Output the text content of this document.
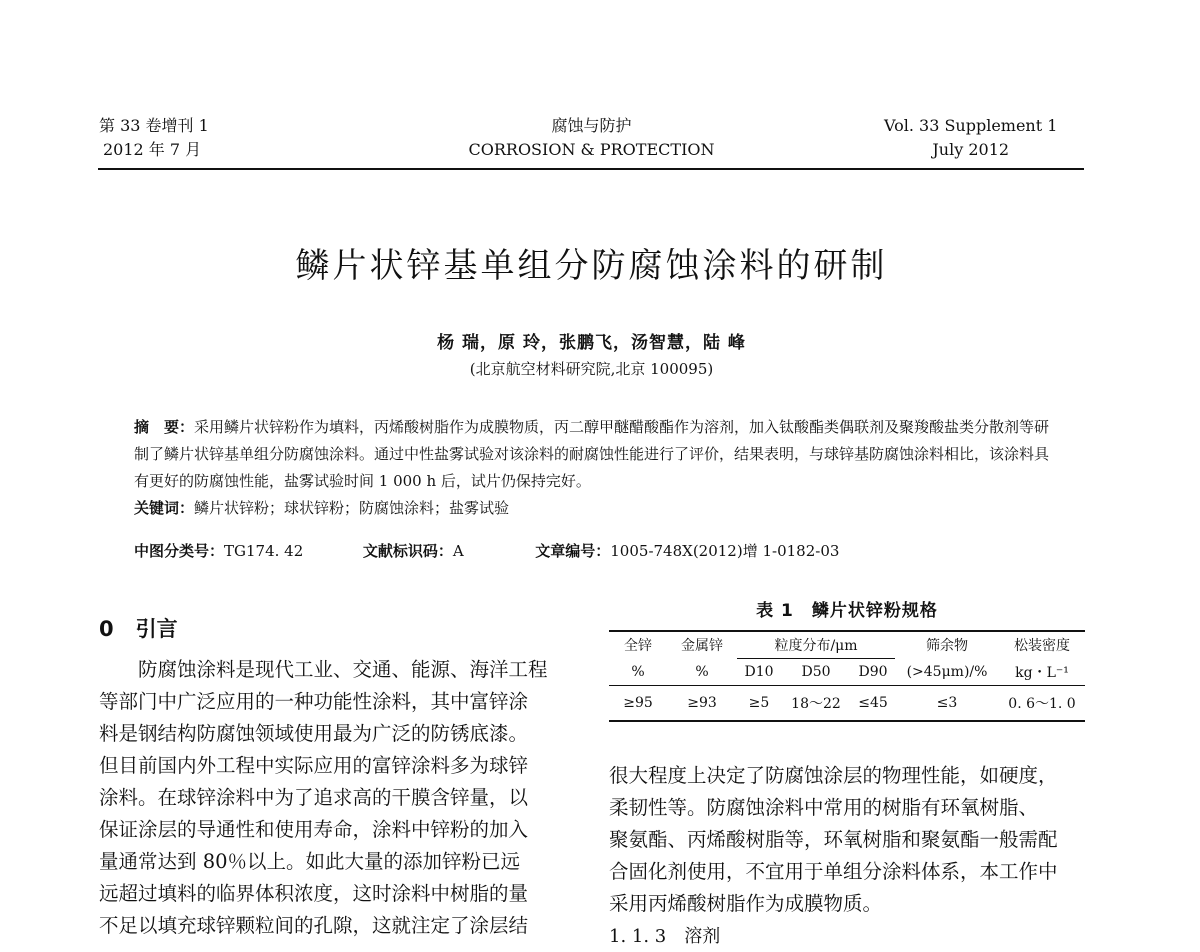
第 33 卷增刊 1
2012 年 7 月
腐蚀与防护
CORROSION & PROTECTION
Vol. 33 Supplement 1
July 2012
鳞片状锌基单组分防腐蚀涂料的研制
杨 瑞，原 玲，张鹏飞，汤智慧，陆 峰
(北京航空材料研究院,北京 100095)
摘　要：采用鳞片状锌粉作为填料，丙烯酸树脂作为成膜物质，丙二醇甲醚醋酸酯作为溶剂，加入钛酸酯类偶联剂及聚羧酸盐类分散剂等研制了鳞片状锌基单组分防腐蚀涂料。通过中性盐雾试验对该涂料的耐腐蚀性能进行了评价，结果表明，与球锌基防腐蚀涂料相比，该涂料具有更好的防腐蚀性能，盐雾试验时间 1 000 h 后，试片仍保持完好。
关键词：鳞片状锌粉；球状锌粉；防腐蚀涂料；盐雾试验
中图分类号：TG174. 42	文献标识码：A	文章编号：1005-748X(2012)增 1-0182-03
0 引言
　　防腐蚀涂料是现代工业、交通、能源、海洋工程
等部门中广泛应用的一种功能性涂料，其中富锌涂
料是钢结构防腐蚀领域使用最为广泛的防锈底漆。
但目前国内外工程中实际应用的富锌涂料多为球锌
涂料。在球锌涂料中为了追求高的干膜含锌量，以
保证涂层的导通性和使用寿命，涂料中锌粉的加入
量通常达到 80％以上。如此大量的添加锌粉已远
远超过填料的临界体积浓度，这时涂料中树脂的量
不足以填充球锌颗粒间的孔隙，这就注定了涂层结
表 1　鳞片状锌粉规格
全锌	金属锌	粒度分布/μm			筛余物	松装密度
%	%	D10	D50	D90	(>45μm)/%	kg・L⁻¹
≥95	≥93	≥5	18～22	≤45	≤3	0. 6～1. 0
很大程度上决定了防腐蚀涂层的物理性能，如硬度，
柔韧性等。防腐蚀涂料中常用的树脂有环氧树脂、
聚氨酯、丙烯酸树脂等，环氧树脂和聚氨酯一般需配
合固化剂使用，不宜用于单组分涂料体系，本工作中
采用丙烯酸树脂作为成膜物质。
1. 1. 3　溶剂
